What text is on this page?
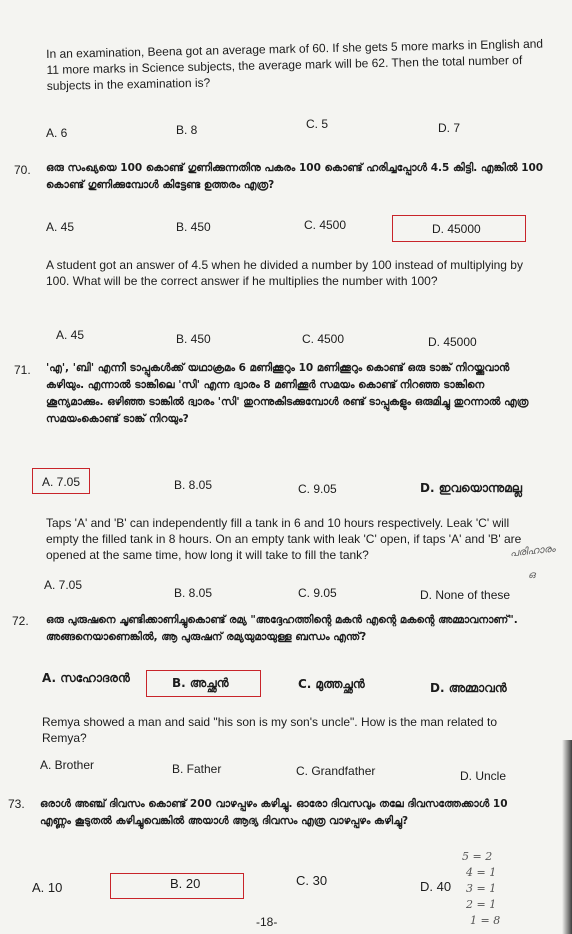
In an examination, Beena got an average mark of 60. If she gets 5 more marks in English and 11 more marks in Science subjects, the average mark will be 62. Then the total number of subjects in the examination is?
A. 6	B. 8	C. 5	D. 7
70. ഒരു സംഖ്യയെ 100 കൊണ്ട് ഗുണിക്കുന്നതിനു പകരം 100 കൊണ്ട് ഹരിച്ചപ്പോൾ 4.5 കിട്ടി. എങ്കിൽ 100 കൊണ്ട് ഗുണിക്കുമ്പോൾ കിട്ടേണ്ട ഉത്തരം എത്ര?
A. 45	B. 450	C. 4500	D. 45000
A student got an answer of 4.5 when he divided a number by 100 instead of multiplying by 100. What will be the correct answer if he multiplies the number with 100?
A. 45	B. 450	C. 4500	D. 45000
71. 'എ', 'ബി' എന്നീ ടാപ്പുകൾക്ക് യഥാക്രമം 6 മണിക്കൂറും 10 മണിക്കൂറും കൊണ്ട് ഒരു ടാങ്ക് നിറയ്ക്കുവാൻ കഴിയും. എന്നാൽ ടാങ്കിലെ 'സി' എന്ന ദ്വാരം 8 മണിക്കൂർ സമയം കൊണ്ട് നിറഞ്ഞ ടാങ്കിനെ ശൂന്യമാക്കും. ഒഴിഞ്ഞ ടാങ്കിൽ ദ്വാരം 'സി' തുറന്നുകിടക്കുമ്പോൾ രണ്ട് ടാപ്പുകളും ഒരുമിച്ചു തുറന്നാൽ എത്ര സമയംകൊണ്ട് ടാങ്ക് നിറയും?
A. 7.05	B. 8.05	C. 9.05	D. ഇവയൊന്നുമല്ല
Taps 'A' and 'B' can independently fill a tank in 6 and 10 hours respectively. Leak 'C' will empty the filled tank in 8 hours. On an empty tank with leak 'C' open, if taps 'A' and 'B' are opened at the same time, how long it will take to fill the tank?
A. 7.05
B. 8.05	C. 9.05	D. None of these
പരിഹാരം
ഒ
72. ഒരു പുരുഷനെ ചൂണ്ടിക്കാണിച്ചുകൊണ്ട് രമ്യ "അദ്ദേഹത്തിന്റെ മകൻ എന്റെ മകന്റെ അമ്മാവനാണ്". അങ്ങനെയാണെങ്കിൽ, ആ പുരുഷന് രമ്യയുമായുള്ള ബന്ധം എന്ത്?
A. സഹോദരൻ	B. അച്ഛൻ	C. മുത്തച്ഛൻ	D. അമ്മാവൻ
Remya showed a man and said "his son is my son's uncle". How is the man related to Remya?
A. Brother	B. Father	C. Grandfather	D. Uncle
73. ഒരാൾ അഞ്ച് ദിവസം കൊണ്ട് 200 വാഴപ്പഴം കഴിച്ചു. ഓരോ ദിവസവും തലേ ദിവസത്തേക്കാൾ 10 എണ്ണം കൂടുതൽ കഴിച്ചുവെങ്കിൽ അയാൾ ആദ്യ ദിവസം എത്ര വാഴപ്പഴം കഴിച്ചു?
A. 10	B. 20	C. 30	D. 40
5 = 2
4 = 1
3 = 1
2 = 1
1 = 8
-18-
